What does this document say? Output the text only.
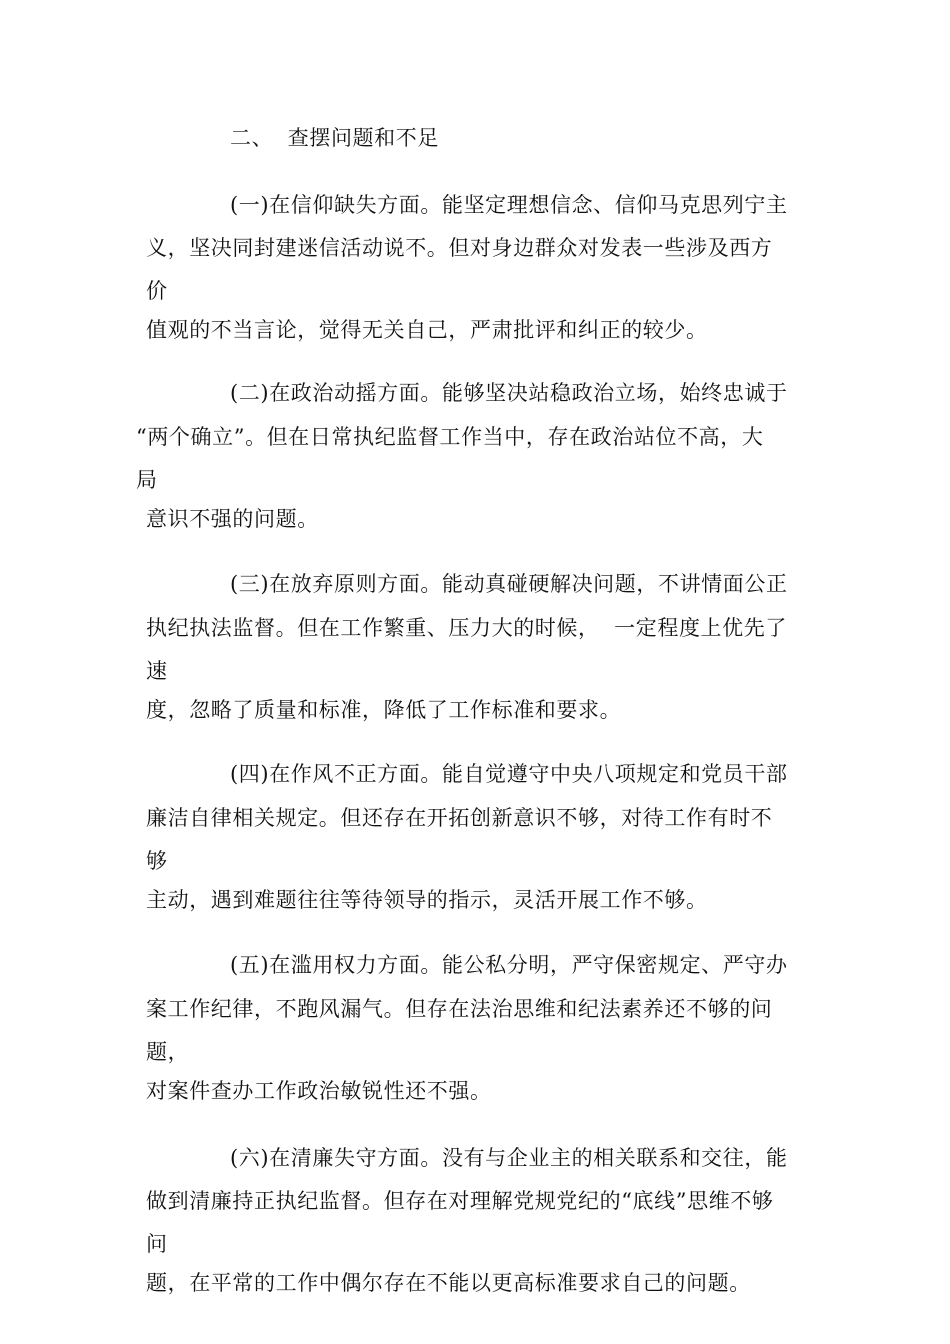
二、  查摆问题和不足
(一)在信仰缺失方面。能坚定理想信念、信仰马克思列宁主
义，坚决同封建迷信活动说不。但对身边群众对发表一些涉及西方
价
值观的不当言论，觉得无关自己，严肃批评和纠正的较少。
(二)在政治动摇方面。能够坚决站稳政治立场，始终忠诚于
“两个确立”。但在日常执纪监督工作当中，存在政治站位不高，大
局
意识不强的问题。
(三)在放弃原则方面。能动真碰硬解决问题，不讲情面公正
执纪执法监督。但在工作繁重、压力大的时候，  一定程度上优先了
速
度，忽略了质量和标准，降低了工作标准和要求。
(四)在作风不正方面。能自觉遵守中央八项规定和党员干部
廉洁自律相关规定。但还存在开拓创新意识不够，对待工作有时不
够
主动，遇到难题往往等待领导的指示，灵活开展工作不够。
(五)在滥用权力方面。能公私分明，严守保密规定、严守办
案工作纪律，不跑风漏气。但存在法治思维和纪法素养还不够的问
题，
对案件查办工作政治敏锐性还不强。
(六)在清廉失守方面。没有与企业主的相关联系和交往，能
做到清廉持正执纪监督。但存在对理解党规党纪的“底线”思维不够
问
题，在平常的工作中偶尔存在不能以更高标准要求自己的问题。
